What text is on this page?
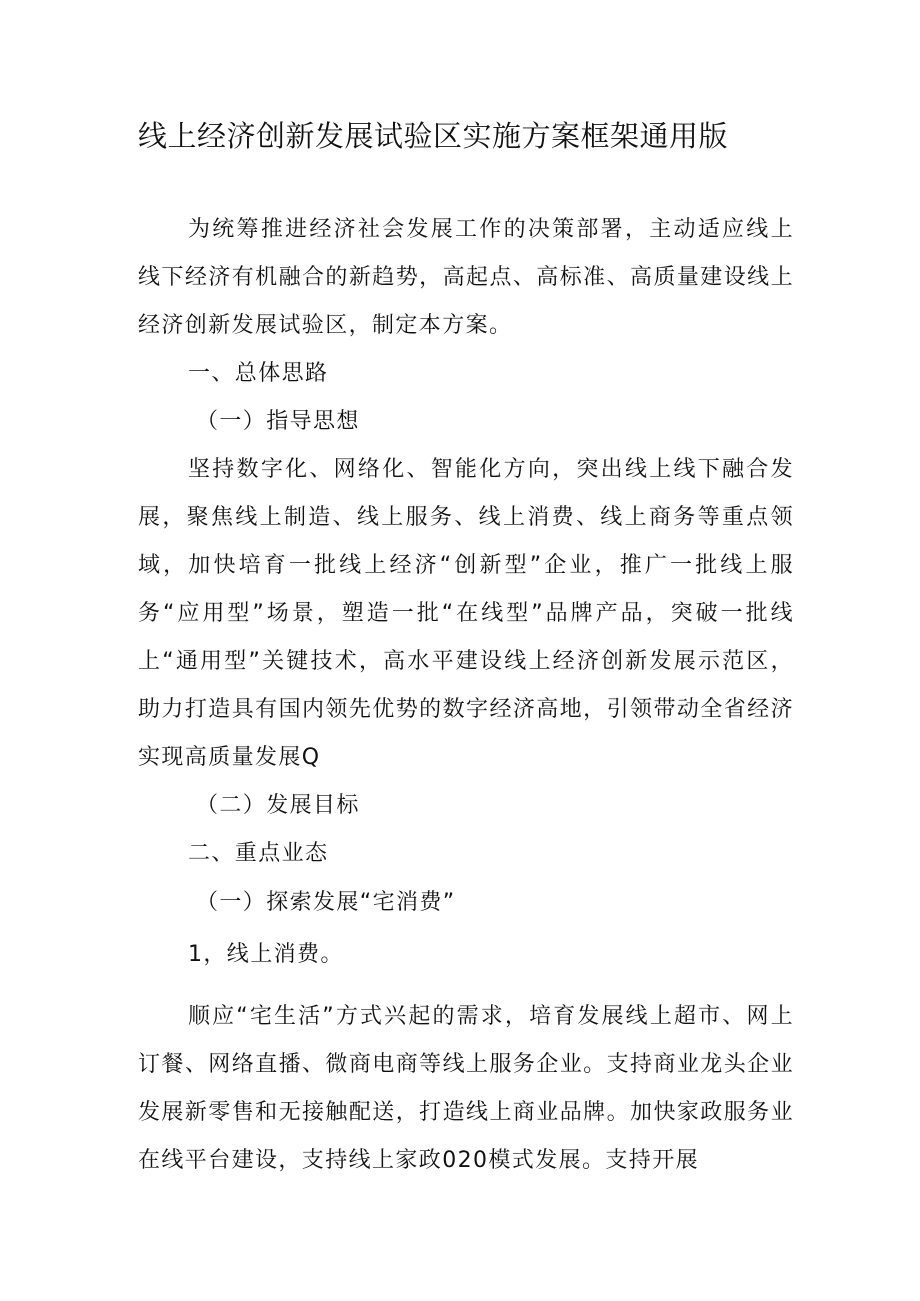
线上经济创新发展试验区实施方案框架通用版

为统筹推进经济社会发展工作的决策部署，主动适应线上线下经济有机融合的新趋势，高起点、高标准、高质量建设线上经济创新发展试验区，制定本方案。

一、总体思路
（一）指导思想

坚持数字化、网络化、智能化方向，突出线上线下融合发展，聚焦线上制造、线上服务、线上消费、线上商务等重点领域，加快培育一批线上经济“创新型”企业，推广一批线上服务“应用型”场景，塑造一批“在线型”品牌产品，突破一批线上“通用型”关键技术，高水平建设线上经济创新发展示范区，助力打造具有国内领先优势的数字经济高地，引领带动全省经济实现高质量发展Q

（二）发展目标
二、重点业态
（一）探索发展“宅消费”
1，线上消费。

顺应“宅生活”方式兴起的需求，培育发展线上超市、网上订餐、网络直播、微商电商等线上服务企业。支持商业龙头企业发展新零售和无接触配送，打造线上商业品牌。加快家政服务业在线平台建设，支持线上家政020模式发展。支持开展
